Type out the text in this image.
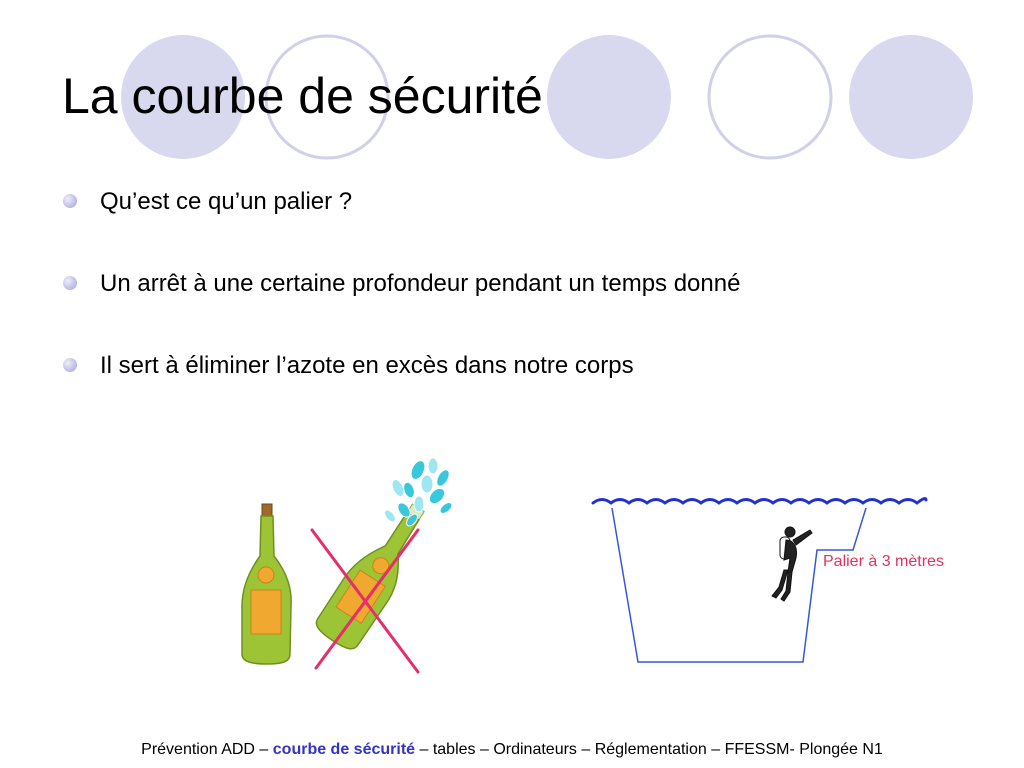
La courbe de sécurité
Qu’est ce qu’un palier ?
Un arrêt à une certaine profondeur pendant un temps donné
Il sert à éliminer l’azote en excès dans notre corps
Palier à 3 mètres
Prévention ADD – courbe de sécurité – tables – Ordinateurs – Réglementation – FFESSM- Plongée N1
